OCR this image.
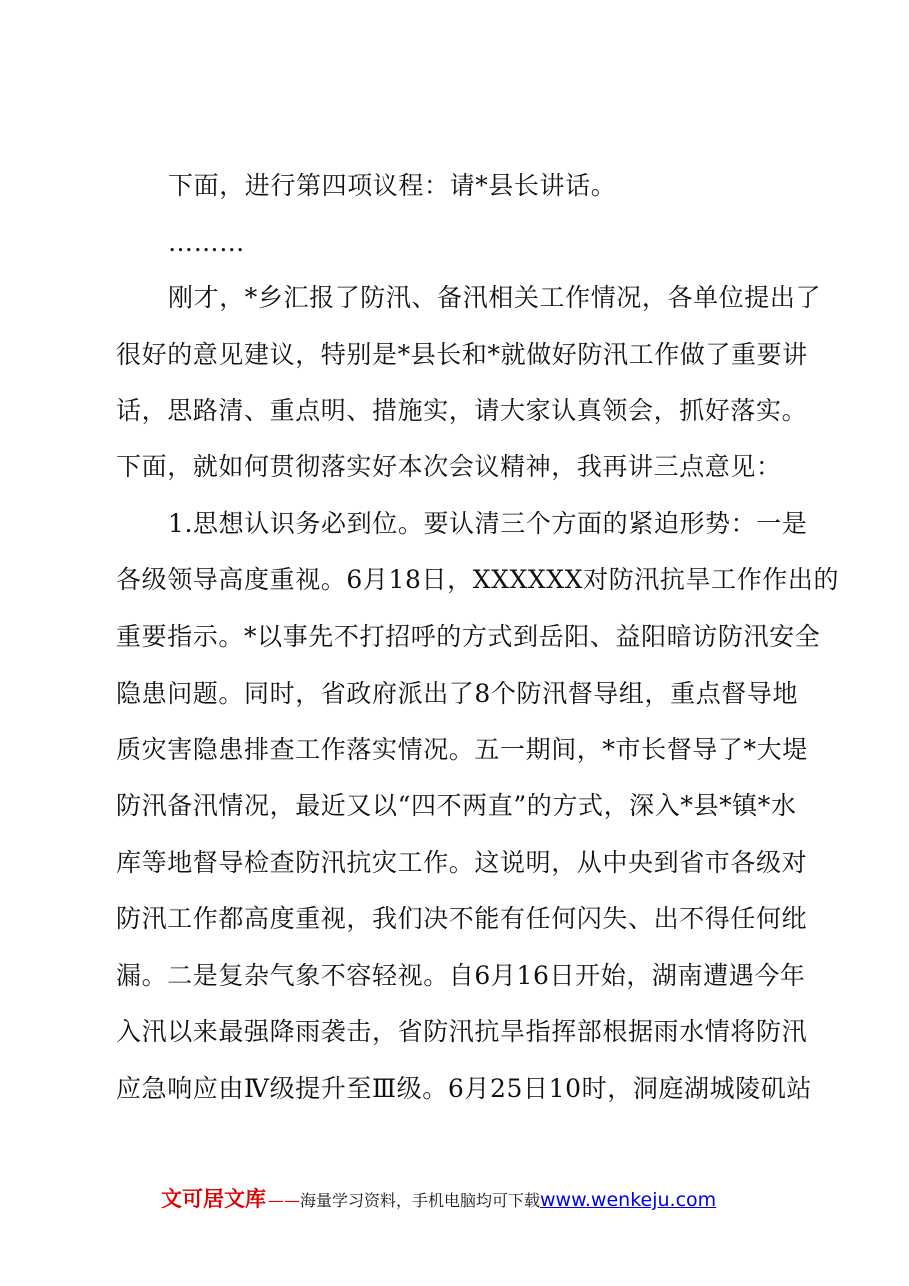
下面，进行第四项议程：请*县长讲话。
………
刚才，*乡汇报了防汛、备汛相关工作情况，各单位提出了
很好的意见建议，特别是*县长和*就做好防汛工作做了重要讲
话，思路清、重点明、措施实，请大家认真领会，抓好落实。
下面，就如何贯彻落实好本次会议精神，我再讲三点意见：
1.思想认识务必到位。要认清三个方面的紧迫形势：一是
各级领导高度重视。6月18日，XXXXXX对防汛抗旱工作作出的
重要指示。*以事先不打招呼的方式到岳阳、益阳暗访防汛安全
隐患问题。同时，省政府派出了8个防汛督导组，重点督导地
质灾害隐患排查工作落实情况。五一期间，*市长督导了*大堤
防汛备汛情况，最近又以“四不两直”的方式，深入*县*镇*水
库等地督导检查防汛抗灾工作。这说明，从中央到省市各级对
防汛工作都高度重视，我们决不能有任何闪失、出不得任何纰
漏。二是复杂气象不容轻视。自6月16日开始，湖南遭遇今年
入汛以来最强降雨袭击，省防汛抗旱指挥部根据雨水情将防汛
应急响应由Ⅳ级提升至Ⅲ级。6月25日10时，洞庭湖城陵矶站
文可居文库 ——海量学习资料，手机电脑均可下载www.wenkeju.com
